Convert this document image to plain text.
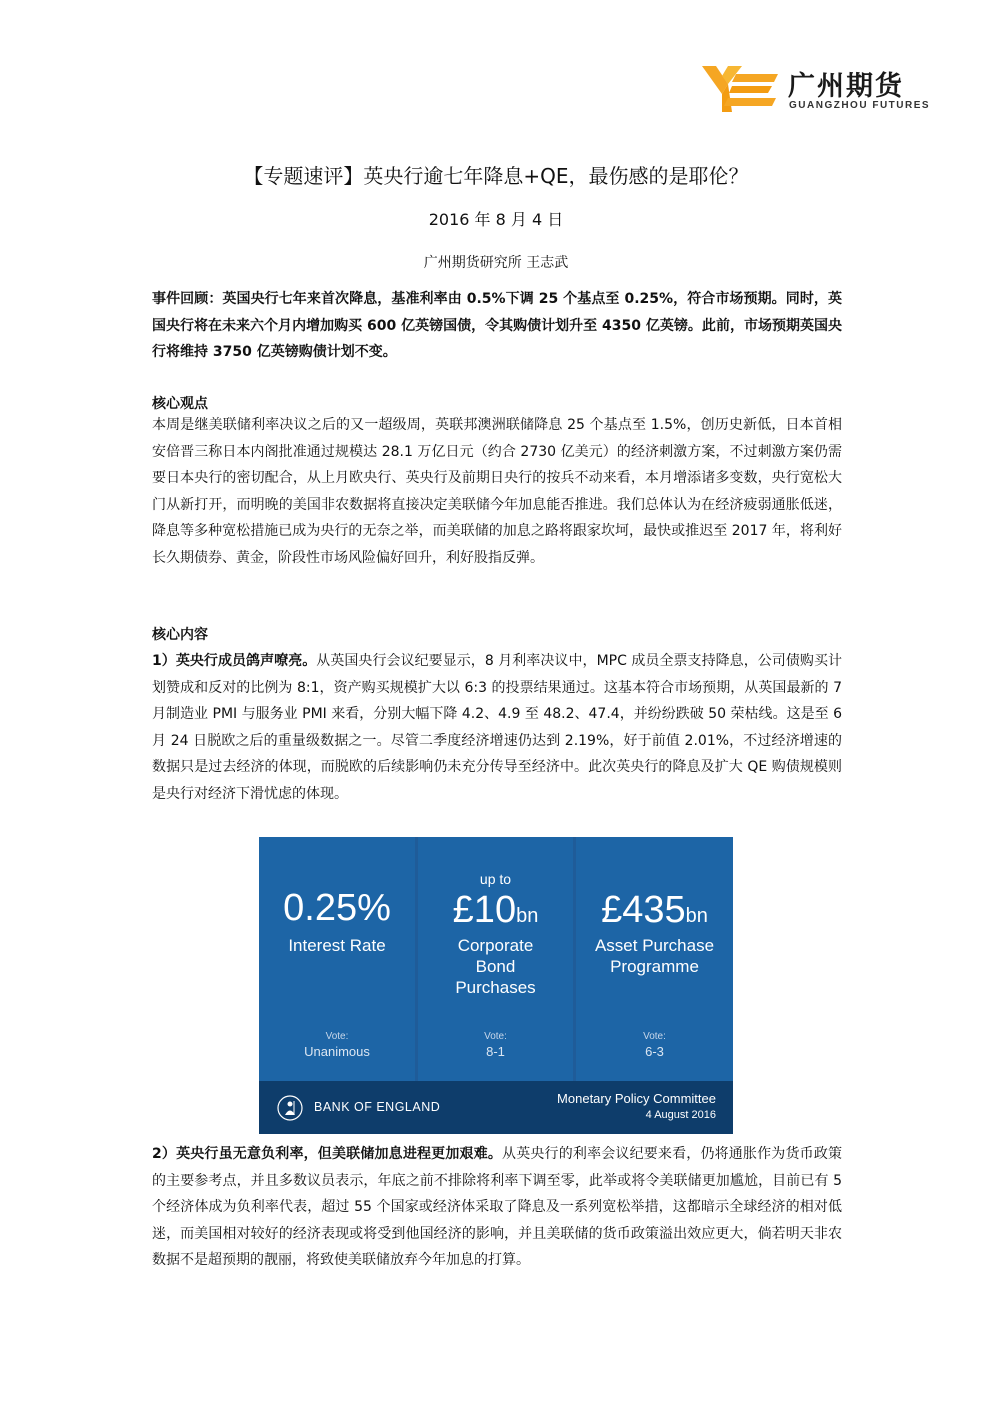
广州期货
GUANGZHOU FUTURES
【专题速评】英央行逾七年降息+QE，最伤感的是耶伦？
2016 年 8 月 4 日
广州期货研究所 王志武
事件回顾：英国央行七年来首次降息，基准利率由 0.5%下调 25 个基点至 0.25%，符合市场预期。同时，英国央行将在未来六个月内增加购买 600 亿英镑国债，令其购债计划升至 4350 亿英镑。此前，市场预期英国央行将维持 3750 亿英镑购债计划不变。
核心观点
本周是继美联储利率决议之后的又一超级周，英联邦澳洲联储降息 25 个基点至 1.5%，创历史新低，日本首相安倍晋三称日本内阁批准通过规模达 28.1 万亿日元（约合 2730 亿美元）的经济刺激方案，不过刺激方案仍需要日本央行的密切配合，从上月欧央行、英央行及前期日央行的按兵不动来看，本月增添诸多变数，央行宽松大门从新打开，而明晚的美国非农数据将直接决定美联储今年加息能否推进。我们总体认为在经济疲弱通胀低迷，降息等多种宽松措施已成为央行的无奈之举，而美联储的加息之路将跟家坎坷，最快或推迟至 2017 年，将利好长久期债券、黄金，阶段性市场风险偏好回升，利好股指反弹。
核心内容
1）英央行成员鸽声嘹亮。从英国央行会议纪要显示，8 月利率决议中，MPC 成员全票支持降息，公司债购买计划赞成和反对的比例为 8:1，资产购买规模扩大以 6:3 的投票结果通过。这基本符合市场预期，从英国最新的 7 月制造业 PMI 与服务业 PMI 来看，分别大幅下降 4.2、4.9 至 48.2、47.4，并纷纷跌破 50 荣枯线。这是至 6 月 24 日脱欧之后的重量级数据之一。尽管二季度经济增速仍达到 2.19%，好于前值 2.01%，不过经济增速的数据只是过去经济的体现，而脱欧的后续影响仍未充分传导至经济中。此次英央行的降息及扩大 QE 购债规模则是央行对经济下滑忧虑的体现。
0.25%
Interest Rate
Vote:
Unanimous
up to
£10bn
Corporate
Bond
Purchases
Vote:
8-1
£435bn
Asset Purchase
Programme
Vote:
6-3
BANK OF ENGLAND
Monetary Policy Committee
4 August 2016
2）英央行虽无意负利率，但美联储加息进程更加艰难。从英央行的利率会议纪要来看，仍将通胀作为货币政策的主要参考点，并且多数议员表示，年底之前不排除将利率下调至零，此举或将令美联储更加尴尬，目前已有 5 个经济体成为负利率代表，超过 55 个国家或经济体采取了降息及一系列宽松举措，这都暗示全球经济的相对低迷，而美国相对较好的经济表现或将受到他国经济的影响，并且美联储的货币政策溢出效应更大，倘若明天非农数据不是超预期的靓丽，将致使美联储放弃今年加息的打算。
